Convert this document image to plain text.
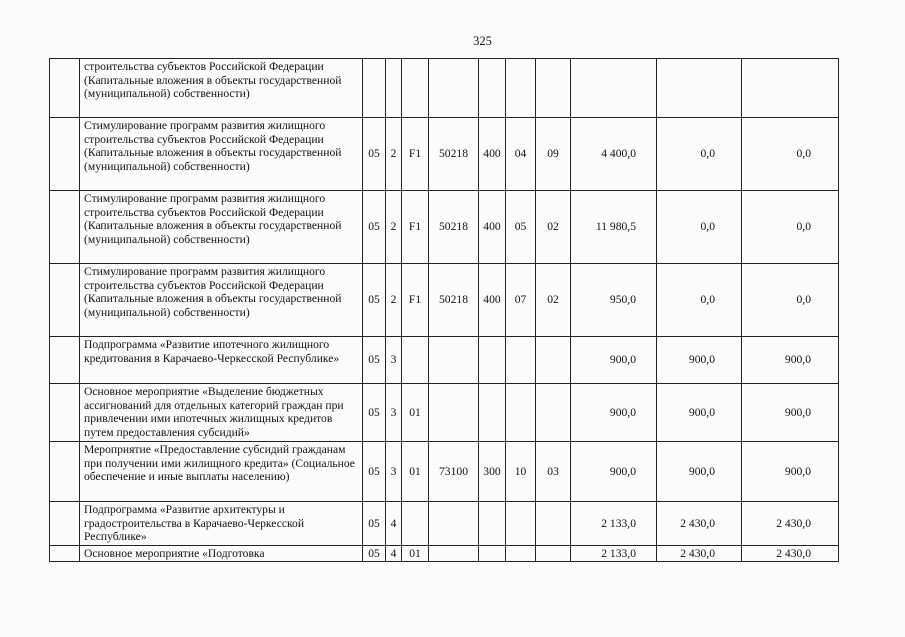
325
	строительства субъектов Российской Федерации (Капитальные вложения в объекты государственной (муниципальной) собственности)										
	Стимулирование программ развития жилищного строительства субъектов Российской Федерации (Капитальные вложения в объекты государственной (муниципальной) собственности)	05	2	F1	50218	400	04	09	4 400,0	0,0	0,0
	Стимулирование программ развития жилищного строительства субъектов Российской Федерации (Капитальные вложения в объекты государственной (муниципальной) собственности)	05	2	F1	50218	400	05	02	11 980,5	0,0	0,0
	Стимулирование программ развития жилищного строительства субъектов Российской Федерации (Капитальные вложения в объекты государственной (муниципальной) собственности)	05	2	F1	50218	400	07	02	950,0	0,0	0,0
	Подпрограмма «Развитие ипотечного жилищного кредитования в Карачаево-Черкесской Республике»	05	3						900,0	900,0	900,0
	Основное мероприятие «Выделение бюджетных ассигнований для отдельных категорий граждан при привлечении ими ипотечных жилищных кредитов путем предоставления субсидий»	05	3	01					900,0	900,0	900,0
	Мероприятие «Предоставление субсидий гражданам при получении ими жилищного кредита» (Социальное обеспечение и иные выплаты населению)	05	3	01	73100	300	10	03	900,0	900,0	900,0
	Подпрограмма «Развитие архитектуры и градостроительства в Карачаево-Черкесской Республике»	05	4						2 133,0	2 430,0	2 430,0
	Основное мероприятие «Подготовка	05	4	01					2 133,0	2 430,0	2 430,0
